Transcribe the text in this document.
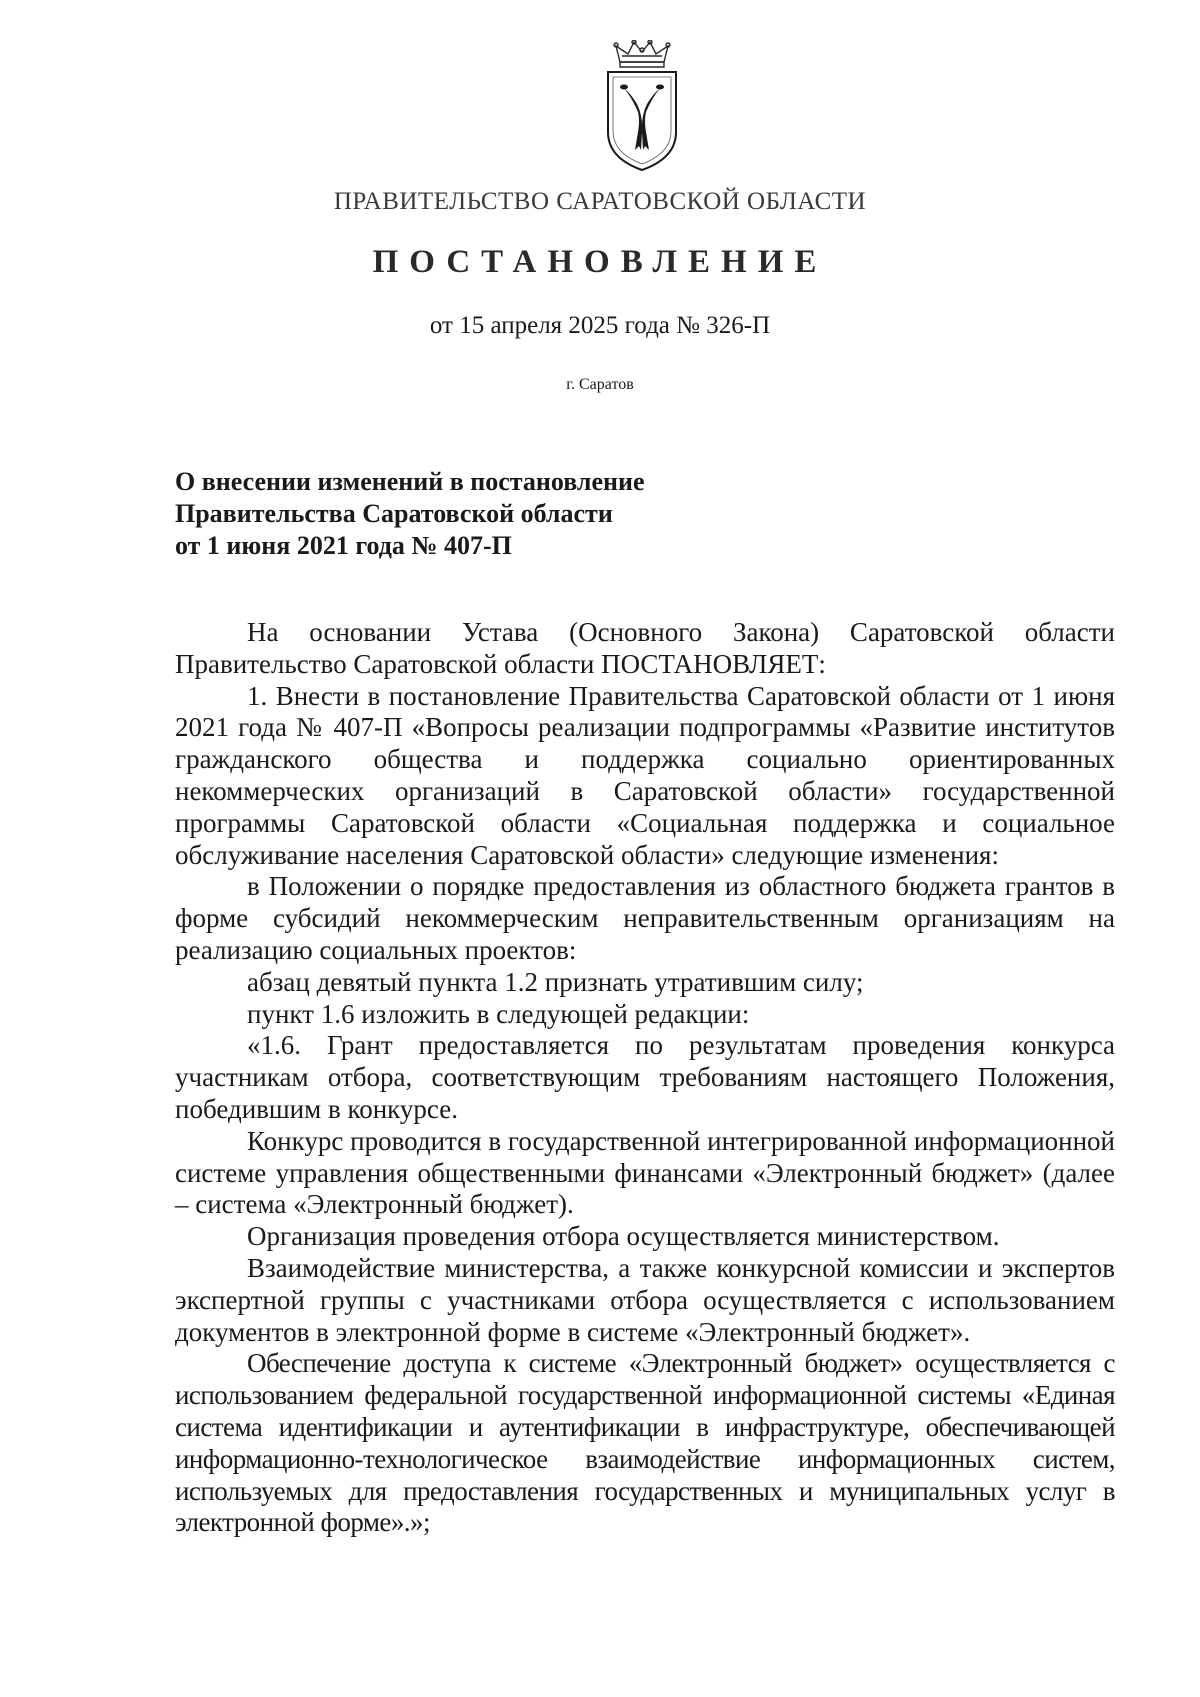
ПРАВИТЕЛЬСТВО САРАТОВСКОЙ ОБЛАСТИ
ПОСТАНОВЛЕНИЕ
от 15 апреля 2025 года № 326-П
г. Саратов
О внесении изменений в постановление
Правительства Саратовской области
от 1 июня 2021 года № 407-П

На основании Устава (Основного Закона) Саратовской области Правительство Саратовской области ПОСТАНОВЛЯЕТ:

1. Внести в постановление Правительства Саратовской области от 1 июня 2021 года № 407-П «Вопросы реализации подпрограммы «Развитие институтов гражданского общества и поддержка социально ориентированных некоммерческих организаций в Саратовской области» государственной программы Саратовской области «Социальная поддержка и социальное обслуживание населения Саратовской области» следующие изменения:

в Положении о порядке предоставления из областного бюджета грантов в форме субсидий некоммерческим неправительственным организациям на реализацию социальных проектов:

абзац девятый пункта 1.2 признать утратившим силу;

пункт 1.6 изложить в следующей редакции:

«1.6. Грант предоставляется по результатам проведения конкурса участникам отбора, соответствующим требованиям настоящего Положения, победившим в конкурсе.

Конкурс проводится в государственной интегрированной информационной системе управления общественными финансами «Электронный бюджет» (далее – система «Электронный бюджет).

Организация проведения отбора осуществляется министерством.

Взаимодействие министерства, а также конкурсной комиссии и экспертов экспертной группы с участниками отбора осуществляется с использованием документов в электронной форме в системе «Электронный бюджет».

Обеспечение доступа к системе «Электронный бюджет» осуществляется с использованием федеральной государственной информационной системы «Единая система идентификации и аутентификации в инфраструктуре, обеспечивающей информационно-технологическое взаимодействие информационных систем, используемых для предоставления государственных и муниципальных услуг в электронной форме».»;
